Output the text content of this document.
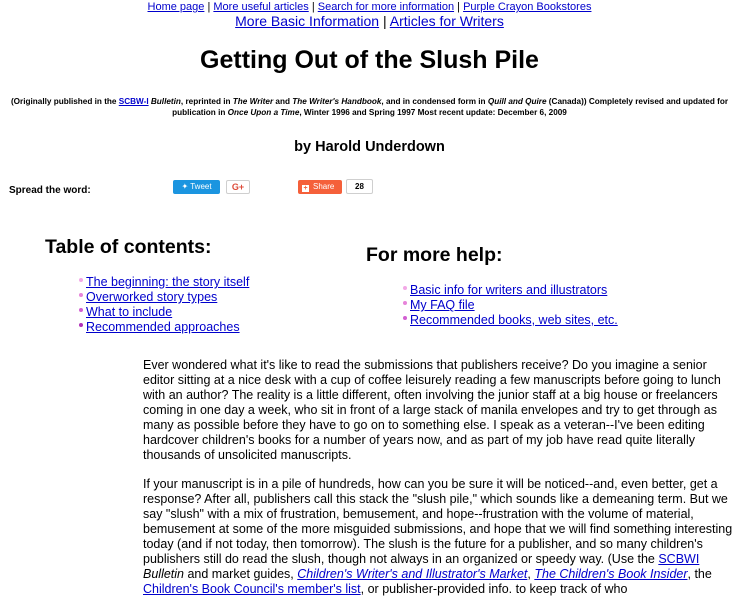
Home page | More useful articles | Search for more information | Purple Crayon Bookstores
More Basic Information | Articles for Writers
Getting Out of the Slush Pile
(Originally published in the SCBW-I Bulletin, reprinted in The Writer and The Writer's Handbook, and in condensed form in Quill and Quire (Canada)) Completely revised and updated for publication in Once Upon a Time, Winter 1996 and Spring 1997 Most recent update: December 6, 2009
by Harold Underdown
Spread the word:	✦ Tweet	G+	+ Share	28
Table of contents:
The beginning: the story itself
Overworked story types
What to include
Recommended approaches
For more help:
Basic info for writers and illustrators
My FAQ file
Recommended books, web sites, etc.

Ever wondered what it's like to read the submissions that publishers receive? Do you imagine a senior editor sitting at a nice desk with a cup of coffee leisurely reading a few manuscripts before going to lunch with an author? The reality is a little different, often involving the junior staff at a big house or freelancers coming in one day a week, who sit in front of a large stack of manila envelopes and try to get through as many as possible before they have to go on to something else. I speak as a veteran--I've been editing hardcover children's books for a number of years now, and as part of my job have read quite literally thousands of unsolicited manuscripts.

If your manuscript is in a pile of hundreds, how can you be sure it will be noticed--and, even better, get a response? After all, publishers call this stack the "slush pile," which sounds like a demeaning term. But we say "slush" with a mix of frustration, bemusement, and hope--frustration with the volume of material, bemusement at some of the more misguided submissions, and hope that we will find something interesting today (and if not today, then tomorrow). The slush is the future for a publisher, and so many children's publishers still do read the slush, though not always in an organized or speedy way. (Use the SCBWI Bulletin and market guides, Children's Writer's and Illustrator's Market, The Children's Book Insider, the Children's Book Council's member's list, or publisher-provided info. to keep track of who
